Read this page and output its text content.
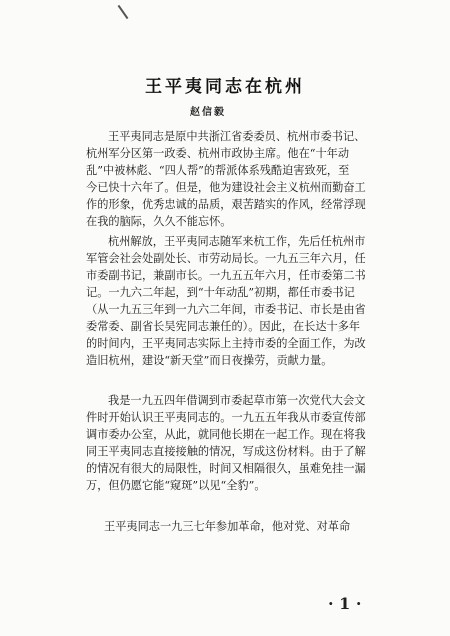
王平夷同志在杭州
赵信毅

王平夷同志是原中共浙江省委委员、杭州市委书记、

杭州军分区第一政委、杭州市政协主席。他在“十年动

乱”中被林彪、“四人帮”的帮派体系残酷迫害致死，至

今已快十六年了。但是，他为建设社会主义杭州而勤奋工

作的形象，优秀忠诚的品质，艰苦踏实的作风，经常浮现

在我的脑际，久久不能忘怀。

杭州解放，王平夷同志随军来杭工作，先后任杭州市

军管会社会处副处长、市劳动局长。一九五三年六月，任

市委副书记，兼副市长。一九五五年六月，任市委第二书

记。一九六二年起，到“十年动乱”初期，都任市委书记

（从一九五三年到一九六二年间，市委书记、市长是由省

委常委、副省长吴宪同志兼任的）。因此，在长达十多年

的时间内，王平夷同志实际上主持市委的全面工作，为改

造旧杭州，建设“新天堂”而日夜操劳，贡献力量。

我是一九五四年借调到市委起草市第一次党代大会文

件时开始认识王平夷同志的。一九五五年我从市委宣传部

调市委办公室，从此，就同他长期在一起工作。现在将我

同王平夷同志直接接触的情况，写成这份材料。由于了解

的情况有很大的局限性，时间又相隔很久，虽难免挂一漏

万，但仍愿它能“窥斑”以见“全豹”。

王平夷同志一九三七年参加革命，他对党、对革命

· 1 ·
